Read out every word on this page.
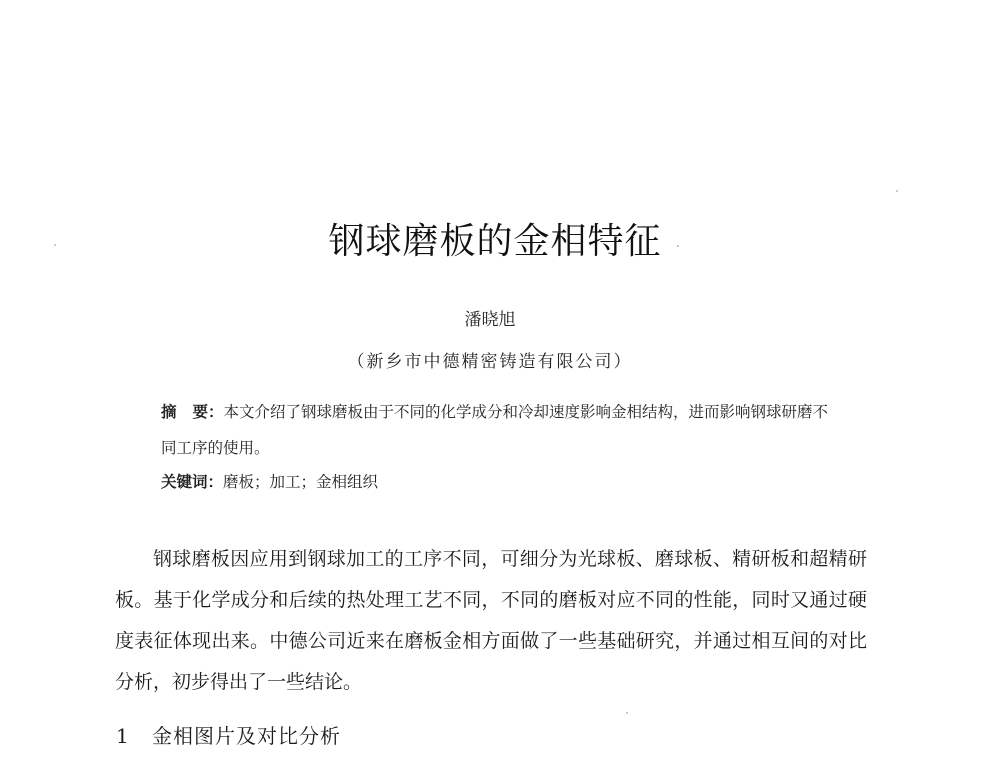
钢球磨板的金相特征
潘晓旭
（新乡市中德精密铸造有限公司）
摘 要：本文介绍了钢球磨板由于不同的化学成分和冷却速度影响金相结构，进而影响钢球研磨不同工序的使用。
关键词：磨板；加工；金相组织

钢球磨板因应用到钢球加工的工序不同，可细分为光球板、磨球板、精研板和超精研板。基于化学成分和后续的热处理工艺不同，不同的磨板对应不同的性能，同时又通过硬度表征体现出来。中德公司近来在磨板金相方面做了一些基础研究，并通过相互间的对比分析，初步得出了一些结论。

1 金相图片及对比分析
